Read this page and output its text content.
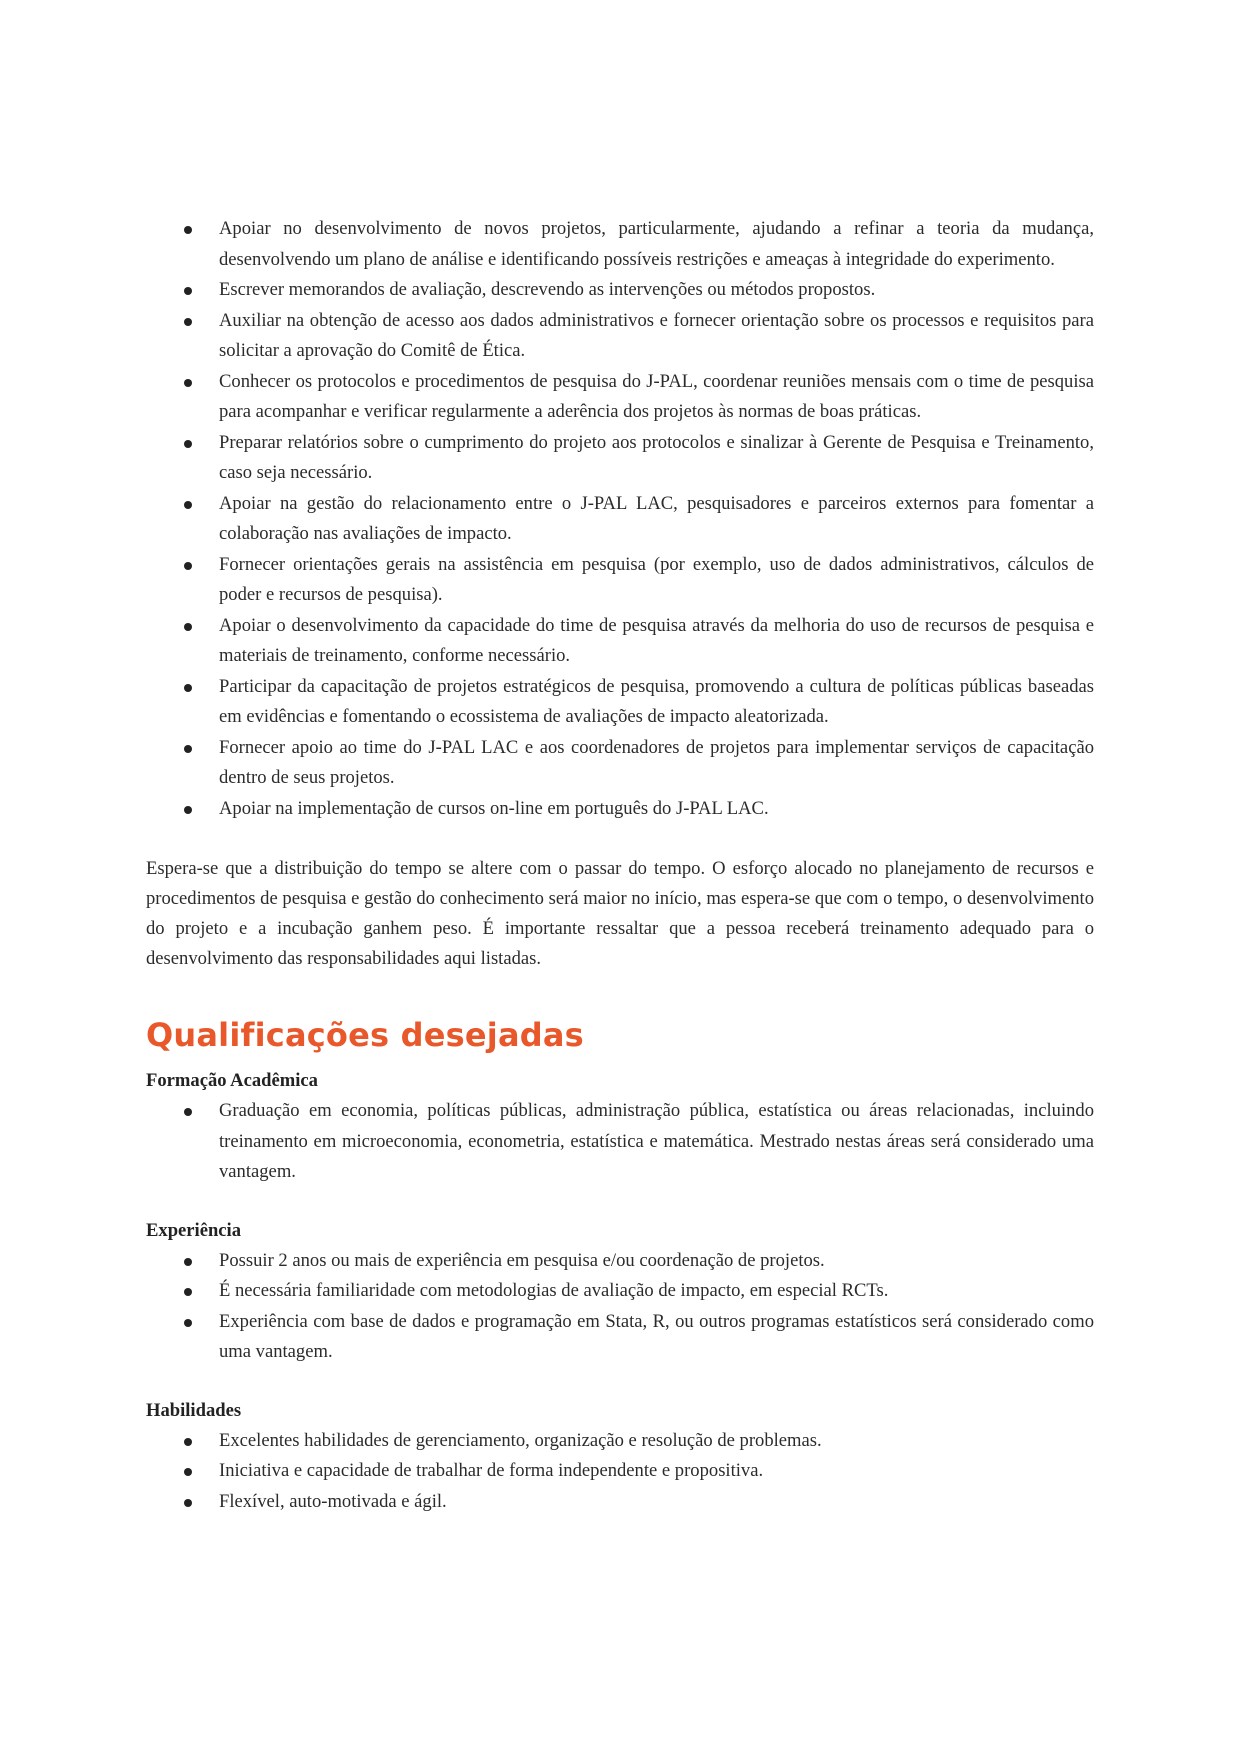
Apoiar no desenvolvimento de novos projetos, particularmente, ajudando a refinar a teoria da mudança, desenvolvendo um plano de análise e identificando possíveis restrições e ameaças à integridade do experimento.
Escrever memorandos de avaliação, descrevendo as intervenções ou métodos propostos.
Auxiliar na obtenção de acesso aos dados administrativos e fornecer orientação sobre os processos e requisitos para solicitar a aprovação do Comitê de Ética.
Conhecer os protocolos e procedimentos de pesquisa do J-PAL, coordenar reuniões mensais com o time de pesquisa para acompanhar e verificar regularmente a aderência dos projetos às normas de boas práticas.
Preparar relatórios sobre o cumprimento do projeto aos protocolos e sinalizar à Gerente de Pesquisa e Treinamento, caso seja necessário.
Apoiar na gestão do relacionamento entre o J-PAL LAC, pesquisadores e parceiros externos para fomentar a colaboração nas avaliações de impacto.
Fornecer orientações gerais na assistência em pesquisa (por exemplo, uso de dados administrativos, cálculos de poder e recursos de pesquisa).
Apoiar o desenvolvimento da capacidade do time de pesquisa através da melhoria do uso de recursos de pesquisa e materiais de treinamento, conforme necessário.
Participar da capacitação de projetos estratégicos de pesquisa, promovendo a cultura de políticas públicas baseadas em evidências e fomentando o ecossistema de avaliações de impacto aleatorizada.
Fornecer apoio ao time do J-PAL LAC e aos coordenadores de projetos para implementar serviços de capacitação dentro de seus projetos.
Apoiar na implementação de cursos on-line em português do J-PAL LAC.

Espera-se que a distribuição do tempo se altere com o passar do tempo. O esforço alocado no planejamento de recursos e procedimentos de pesquisa e gestão do conhecimento será maior no início, mas espera-se que com o tempo, o desenvolvimento do projeto e a incubação ganhem peso. É importante ressaltar que a pessoa receberá treinamento adequado para o desenvolvimento das responsabilidades aqui listadas.

Qualificações desejadas
Formação Acadêmica
Graduação em economia, políticas públicas, administração pública, estatística ou áreas relacionadas, incluindo treinamento em microeconomia, econometria, estatística e matemática. Mestrado nestas áreas será considerado uma vantagem.
Experiência
Possuir 2 anos ou mais de experiência em pesquisa e/ou coordenação de projetos.
É necessária familiaridade com metodologias de avaliação de impacto, em especial RCTs.
Experiência com base de dados e programação em Stata, R, ou outros programas estatísticos será considerado como uma vantagem.
Habilidades
Excelentes habilidades de gerenciamento, organização e resolução de problemas.
Iniciativa e capacidade de trabalhar de forma independente e propositiva.
Flexível, auto-motivada e ágil.
